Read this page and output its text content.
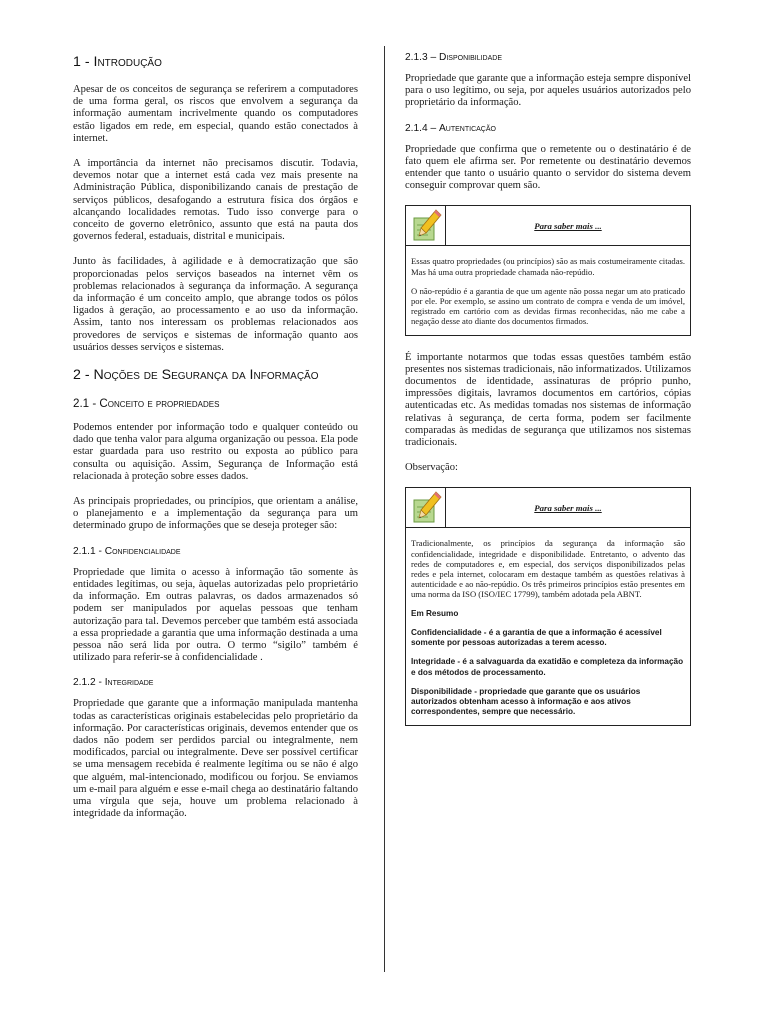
1 - Introdução

Apesar de os conceitos de segurança se referirem a computadores de uma forma geral, os riscos que envolvem a segurança da informação aumentam incrivelmente quando os computadores estão ligados em rede, em especial, quando estão conectados à internet.

A importância da internet não precisamos discutir. Todavia, devemos notar que a internet está cada vez mais presente na Administração Pública, disponibilizando canais de prestação de serviços públicos, desafogando a estrutura física dos órgãos e alcançando localidades remotas. Tudo isso converge para o conceito de governo eletrônico, assunto que está na pauta dos governos federal, estaduais, distrital e municipais.

Junto às facilidades, à agilidade e à democratização que são proporcionadas pelos serviços baseados na internet vêm os problemas relacionados à segurança da informação. A segurança da informação é um conceito amplo, que abrange todos os pólos ligados à geração, ao processamento e ao uso da informação. Assim, tanto nos interessam os problemas relacionados aos provedores de serviços e sistemas de informação quanto aos usuários desses serviços e sistemas.

2 - Noções de Segurança da Informação
2.1 - Conceito e propriedades

Podemos entender por informação todo e qualquer conteúdo ou dado que tenha valor para alguma organização ou pessoa. Ela pode estar guardada para uso restrito ou exposta ao público para consulta ou aquisição. Assim, Segurança de Informação está relacionada à proteção sobre esses dados.

As principais propriedades, ou princípios, que orientam a análise, o planejamento e a implementação da segurança para um determinado grupo de informações que se deseja proteger são:

2.1.1 - Confidencialidade

Propriedade que limita o acesso à informação tão somente às entidades legítimas, ou seja, àquelas autorizadas pelo proprietário da informação. Em outras palavras, os dados armazenados só podem ser manipulados por aquelas pessoas que tenham autorização para tal. Devemos perceber que também está associada a essa propriedade a garantia que uma informação destinada a uma pessoa não será lida por outra. O termo “sigilo” também é utilizado para referir-se à confidencialidade .

2.1.2 - Integridade

Propriedade que garante que a informação manipulada mantenha todas as características originais estabelecidas pelo proprietário da informação. Por características originais, devemos entender que os dados não podem ser perdidos parcial ou integralmente, nem modificados, parcial ou integralmente. Deve ser possível certificar se uma mensagem recebida é realmente legítima ou se não é algo que alguém, mal-intencionado, modificou ou forjou. Se enviamos um e-mail para alguém e esse e-mail chega ao destinatário faltando uma vírgula que seja, houve um problema relacionado à integridade da informação.

2.1.3 – Disponibilidade

Propriedade que garante que a informação esteja sempre disponível para o uso legítimo, ou seja, por aqueles usuários autorizados pelo proprietário da informação.

2.1.4 – Autenticação

Propriedade que confirma que o remetente ou o destinatário é de fato quem ele afirma ser. Por remetente ou destinatário devemos entender que tanto o usuário quanto o servidor do sistema devem conseguir comprovar quem são.

Para saber mais ...

Essas quatro propriedades (ou princípios) são as mais costumeiramente citadas. Mas há uma outra propriedade chamada não-repúdio.

O não-repúdio é a garantia de que um agente não possa negar um ato praticado por ele. Por exemplo, se assino um contrato de compra e venda de um imóvel, registrado em cartório com as devidas firmas reconhecidas, não me cabe a negação desse ato diante dos documentos firmados.

É importante notarmos que todas essas questões também estão presentes nos sistemas tradicionais, não informatizados. Utilizamos documentos de identidade, assinaturas de próprio punho, impressões digitais, lavramos documentos em cartórios, cópias autenticadas etc. As medidas tomadas nos sistemas de informação relativas à segurança, de certa forma, podem ser facilmente comparadas às medidas de segurança que utilizamos nos sistemas tradicionais.

Observação:

Para saber mais ...

Tradicionalmente, os princípios da segurança da informação são confidencialidade, integridade e disponibilidade. Entretanto, o advento das redes de computadores e, em especial, dos serviços disponibilizados pelas redes e pela internet, colocaram em destaque também as questões relativas à autenticidade e ao não-repúdio. Os três primeiros princípios estão presentes em uma norma da ISO (ISO/IEC 17799), também adotada pela ABNT.

Em Resumo

Confidencialidade - é a garantia de que a informação é acessível somente por pessoas autorizadas a terem acesso.

Integridade - é a salvaguarda da exatidão e completeza da informação e dos métodos de processamento.

Disponibilidade - propriedade que garante que os usuários autorizados obtenham acesso à informação e aos ativos correspondentes, sempre que necessário.
